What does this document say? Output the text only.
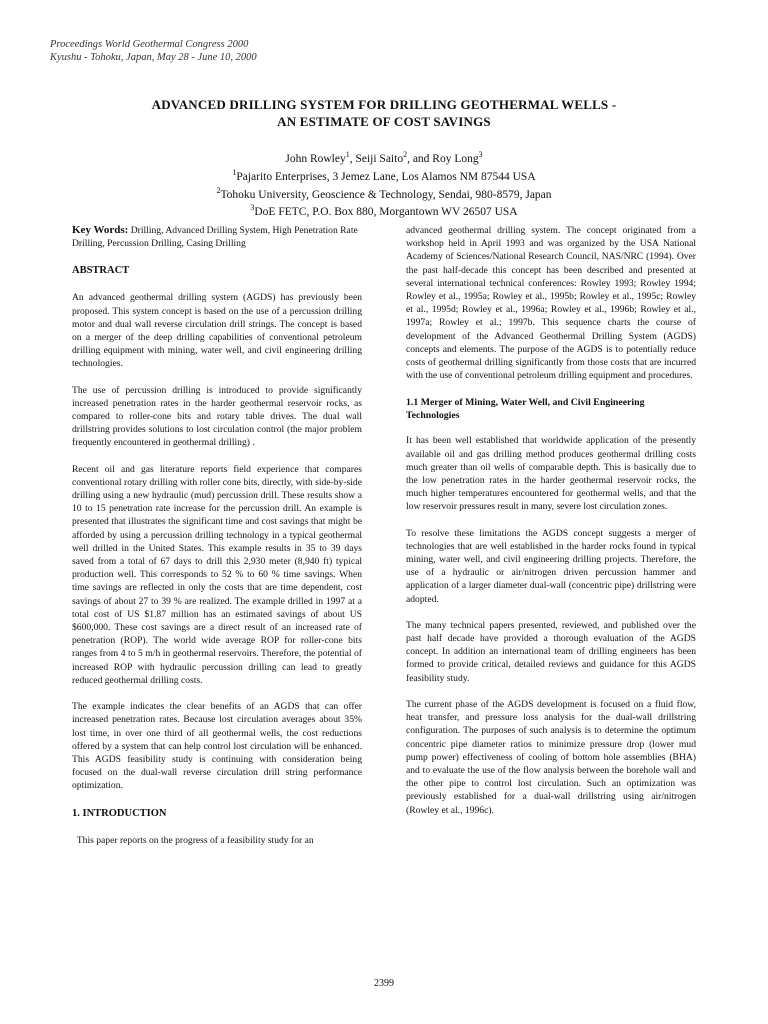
Proceedings World Geothermal Congress 2000
Kyushu - Tohoku, Japan, May 28 - June 10, 2000
ADVANCED DRILLING SYSTEM FOR DRILLING GEOTHERMAL WELLS -
AN ESTIMATE OF COST SAVINGS
John Rowley$^1$, Seiji Saito$^2$, and Roy Long$^3$
$^1$Pajarito Enterprises, 3 Jemez Lane, Los Alamos NM 87544 USA
$^2$Tohoku University, Geoscience & Technology, Sendai, 980-8579, Japan
$^3$DoE FETC, P.O. Box 880, Morgantown WV 26507 USA

Key Words: Drilling, Advanced Drilling System, High Penetration Rate Drilling, Percussion Drilling, Casing Drilling

ABSTRACT

An advanced geothermal drilling system (AGDS) has previously been proposed. This system concept is based on the use of a percussion drilling motor and dual wall reverse circulation drill strings. The concept is based on a merger of the deep drilling capabilities of conventional petroleum drilling equipment with mining, water well, and civil engineering drilling technologies.

The use of percussion drilling is introduced to provide significantly increased penetration rates in the harder geothermal reservoir rocks, as compared to roller-cone bits and rotary table drives. The dual wall drillstring provides solutions to lost circulation control (the major problem frequently encountered in geothermal drilling) .

Recent oil and gas literature reports field experience that compares conventional rotary drilling with roller cone bits, directly, with side-by-side drilling using a new hydraulic (mud) percussion drill. These results show a 10 to 15 penetration rate increase for the percussion drill. An example is presented that illustrates the significant time and cost savings that might be afforded by using a percussion drilling technology in a typical geothermal well drilled in the United States. This example results in 35 to 39 days saved from a total of 67 days to drill this 2,930 meter (8,940 ft) typical production well. This corresponds to 52 % to 60 % time savings. When time savings are reflected in only the costs that are time dependent, cost savings of about 27 to 39 % are realized. The example drilled in 1997 at a total cost of US $1.87 million has an estimated savings of about US $600,000. These cost savings are a direct result of an increased rate of penetration (ROP). The world wide average ROP for roller-cone bits ranges from 4 to 5 m/h in geothermal reservoirs. Therefore, the potential of increased ROP with hydraulic percussion drilling can lead to greatly reduced geothermal drilling costs.

The example indicates the clear benefits of an AGDS that can offer increased penetration rates. Because lost circulation averages about 35% lost time, in over one third of all geothermal wells, the cost reductions offered by a system that can help control lost circulation will be enhanced. This AGDS feasibility study is continuing with consideration being focused on the dual-wall reverse circulation drill string performance optimization.

1. INTRODUCTION

This paper reports on the progress of a feasibility study for an

advanced geothermal drilling system. The concept originated from a workshop held in April 1993 and was organized by the USA National Academy of Sciences/National Research Council, NAS/NRC (1994). Over the past half-decade this concept has been described and presented at several international technical conferences: Rowley 1993; Rowley 1994; Rowley et al., 1995a; Rowley et al., 1995b; Rowley et al., 1995c; Rowley et al., 1995d; Rowley et al., 1996a; Rowley et al., 1996b; Rowley et al., 1997a; Rowley et al.; 1997b. This sequence charts the course of development of the Advanced Geothermal Drilling System (AGDS) concepts and elements. The purpose of the AGDS is to potentially reduce costs of geothermal drilling significantly from those costs that are incurred with the use of conventional petroleum drilling equipment and procedures.

1.1 Merger of Mining, Water Well, and Civil Engineering Technologies

It has been well established that worldwide application of the presently available oil and gas drilling method produces geothermal drilling costs much greater than oil wells of comparable depth. This is basically due to the low penetration rates in the harder geothermal reservoir rocks, the much higher temperatures encountered for geothermal wells, and that the low reservoir pressures result in many, severe lost circulation zones.

To resolve these limitations the AGDS concept suggests a merger of technologies that are well established in the harder rocks found in typical mining, water well, and civil engineering drilling projects. Therefore, the use of a hydraulic or air/nitrogen driven percussion hammer and application of a larger diameter dual-wall (concentric pipe) drillstring were adopted.

The many technical papers presented, reviewed, and published over the past half decade have provided a thorough evaluation of the AGDS concept. In addition an international team of drilling engineers has been formed to provide critical, detailed reviews and guidance for this AGDS feasibility study.

The current phase of the AGDS development is focused on a fluid flow, heat transfer, and pressure loss analysis for the dual-wall drillstring configuration. The purposes of such analysis is to determine the optimum concentric pipe diameter ratios to minimize pressure drop (lower mud pump power) effectiveness of cooling of bottom hole assemblies (BHA) and to evaluate the use of the flow analysis between the borehole wall and the other pipe to control lost circulation. Such an optimization was previously established for a dual-wall drillstring using air/nitrogen (Rowley et al., 1996c).

2399
